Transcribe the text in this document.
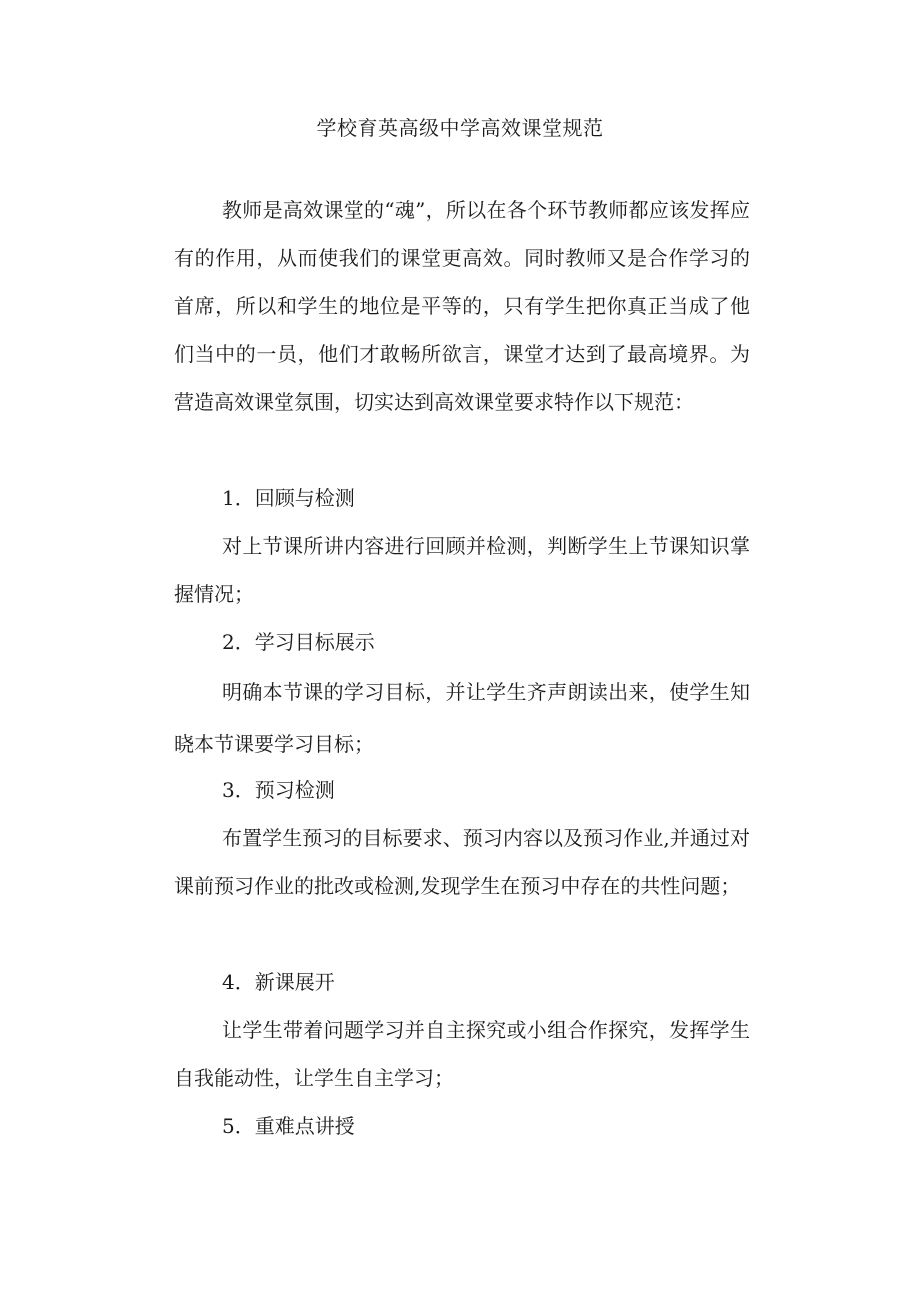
学校育英高级中学高效课堂规范

教师是高效课堂的“魂”，所以在各个环节教师都应该发挥应有的作用，从而使我们的课堂更高效。同时教师又是合作学习的首席，所以和学生的地位是平等的，只有学生把你真正当成了他们当中的一员，他们才敢畅所欲言，课堂才达到了最高境界。为营造高效课堂氛围，切实达到高效课堂要求特作以下规范：

1．回顾与检测

对上节课所讲内容进行回顾并检测，判断学生上节课知识掌握情况；

2．学习目标展示

明确本节课的学习目标，并让学生齐声朗读出来，使学生知晓本节课要学习目标；

3．预习检测

布置学生预习的目标要求、预习内容以及预习作业,并通过对课前预习作业的批改或检测,发现学生在预习中存在的共性问题；

4．新课展开

让学生带着问题学习并自主探究或小组合作探究，发挥学生自我能动性，让学生自主学习；

5．重难点讲授
